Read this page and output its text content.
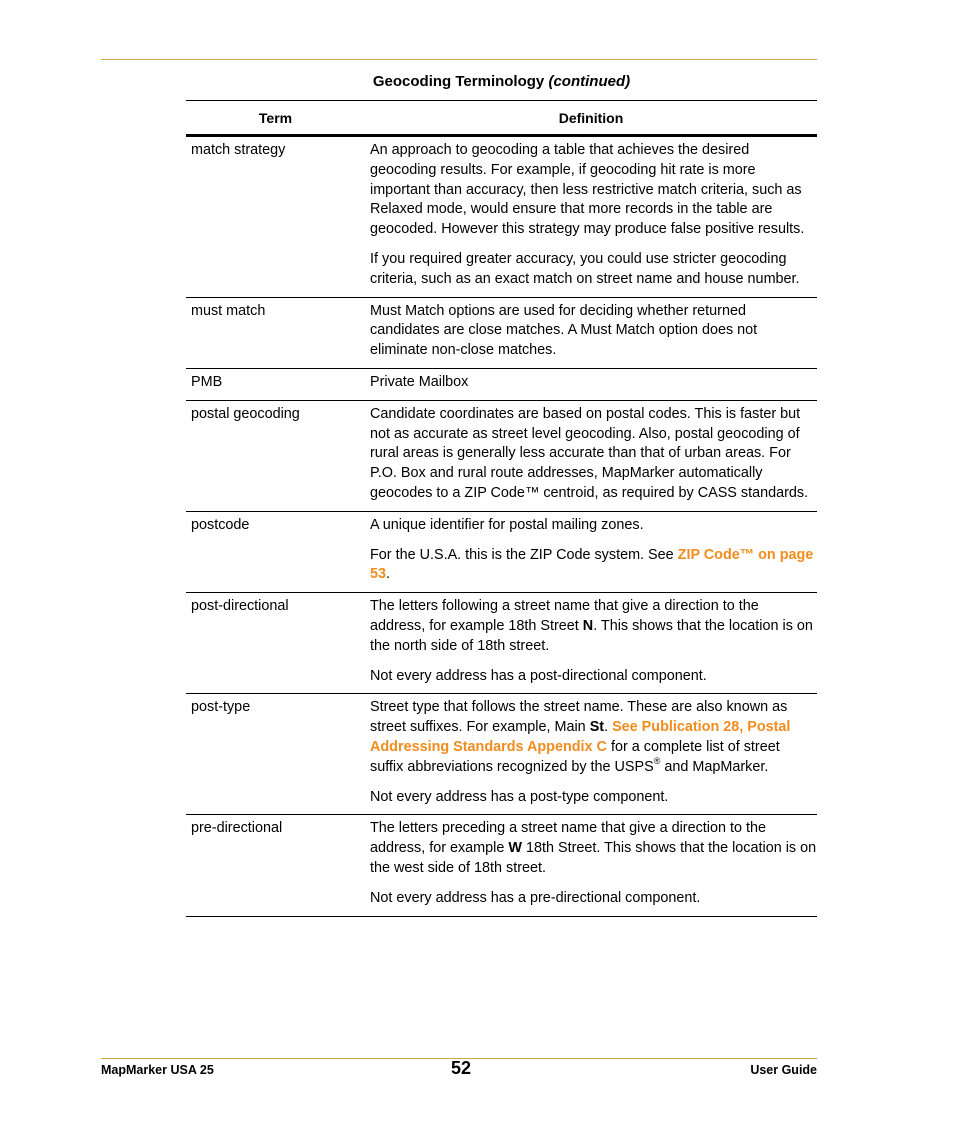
Geocoding Terminology (continued)
Term	Definition
match strategy	An approach to geocoding a table that achieves the desired geocoding results. For example, if geocoding hit rate is more important than accuracy, then less restrictive match criteria, such as Relaxed mode, would ensure that more records in the table are geocoded. However this strategy may produce false positive results.

If you required greater accuracy, you could use stricter geocoding criteria, such as an exact match on street name and house number.

must match	Must Match options are used for deciding whether returned candidates are close matches. A Must Match option does not eliminate non-close matches.

PMB	Private Mailbox

postal geocoding	Candidate coordinates are based on postal codes. This is faster but not as accurate as street level geocoding. Also, postal geocoding of rural areas is generally less accurate than that of urban areas. For P.O. Box and rural route addresses, MapMarker automatically geocodes to a ZIP Code™ centroid, as required by CASS standards.

postcode	A unique identifier for postal mailing zones.

For the U.S.A. this is the ZIP Code system. See ZIP Code™ on page 53.

post-directional	The letters following a street name that give a direction to the address, for example 18th Street N. This shows that the location is on the north side of 18th street.

Not every address has a post-directional component.

post-type	Street type that follows the street name. These are also known as street suffixes. For example, Main St. See Publication 28, Postal Addressing Standards Appendix C for a complete list of street suffix abbreviations recognized by the USPS® and MapMarker.

Not every address has a post-type component.

pre-directional	The letters preceding a street name that give a direction to the address, for example W 18th Street. This shows that the location is on the west side of 18th street.

Not every address has a pre-directional component.

MapMarker USA 25	52	User Guide
